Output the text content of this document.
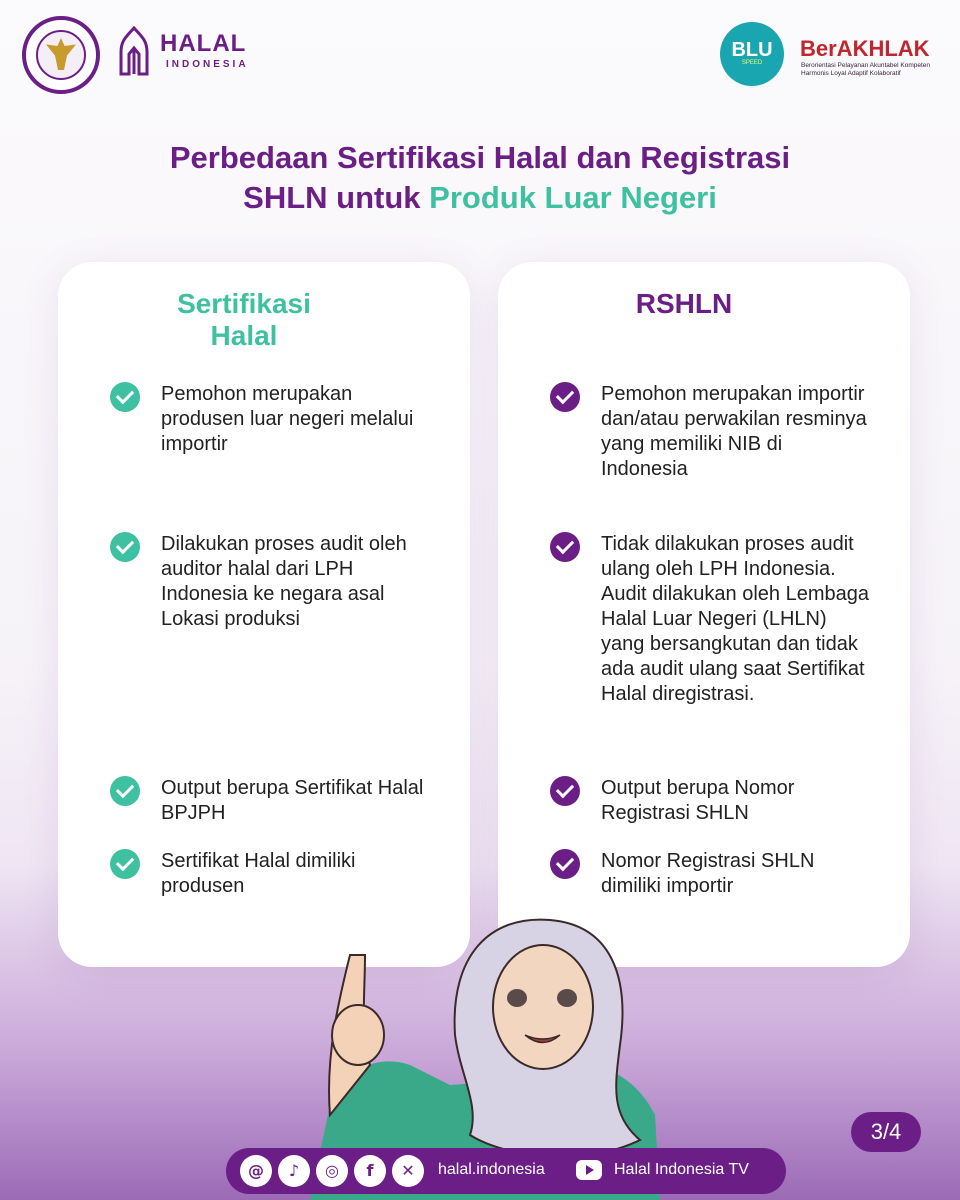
HALAL
INDONESIA
BLU
SPEED
BerAKHLAK
Berorientasi Pelayanan Akuntabel Kompeten Harmonis Loyal Adaptif Kolaboratif
Perbedaan Sertifikasi Halal dan Registrasi
SHLN untuk Produk Luar Negeri
Sertifikasi
Halal
Pemohon merupakan produsen luar negeri melalui importir
Dilakukan proses audit oleh auditor halal dari LPH Indonesia ke negara asal Lokasi produksi
Output berupa Sertifikat Halal BPJPH
Sertifikat Halal dimiliki produsen
RSHLN
Pemohon merupakan importir dan/atau perwakilan resminya yang memiliki NIB di Indonesia
Tidak dilakukan proses audit ulang oleh LPH Indonesia. Audit dilakukan oleh Lembaga Halal Luar Negeri (LHLN) yang bersangkutan dan tidak ada audit ulang saat Sertifikat Halal diregistrasi.
Output berupa Nomor Registrasi SHLN
Nomor Registrasi SHLN dimiliki importir
3/4
@	♪	◎	f	✕	halal.indonesia	Halal Indonesia TV
